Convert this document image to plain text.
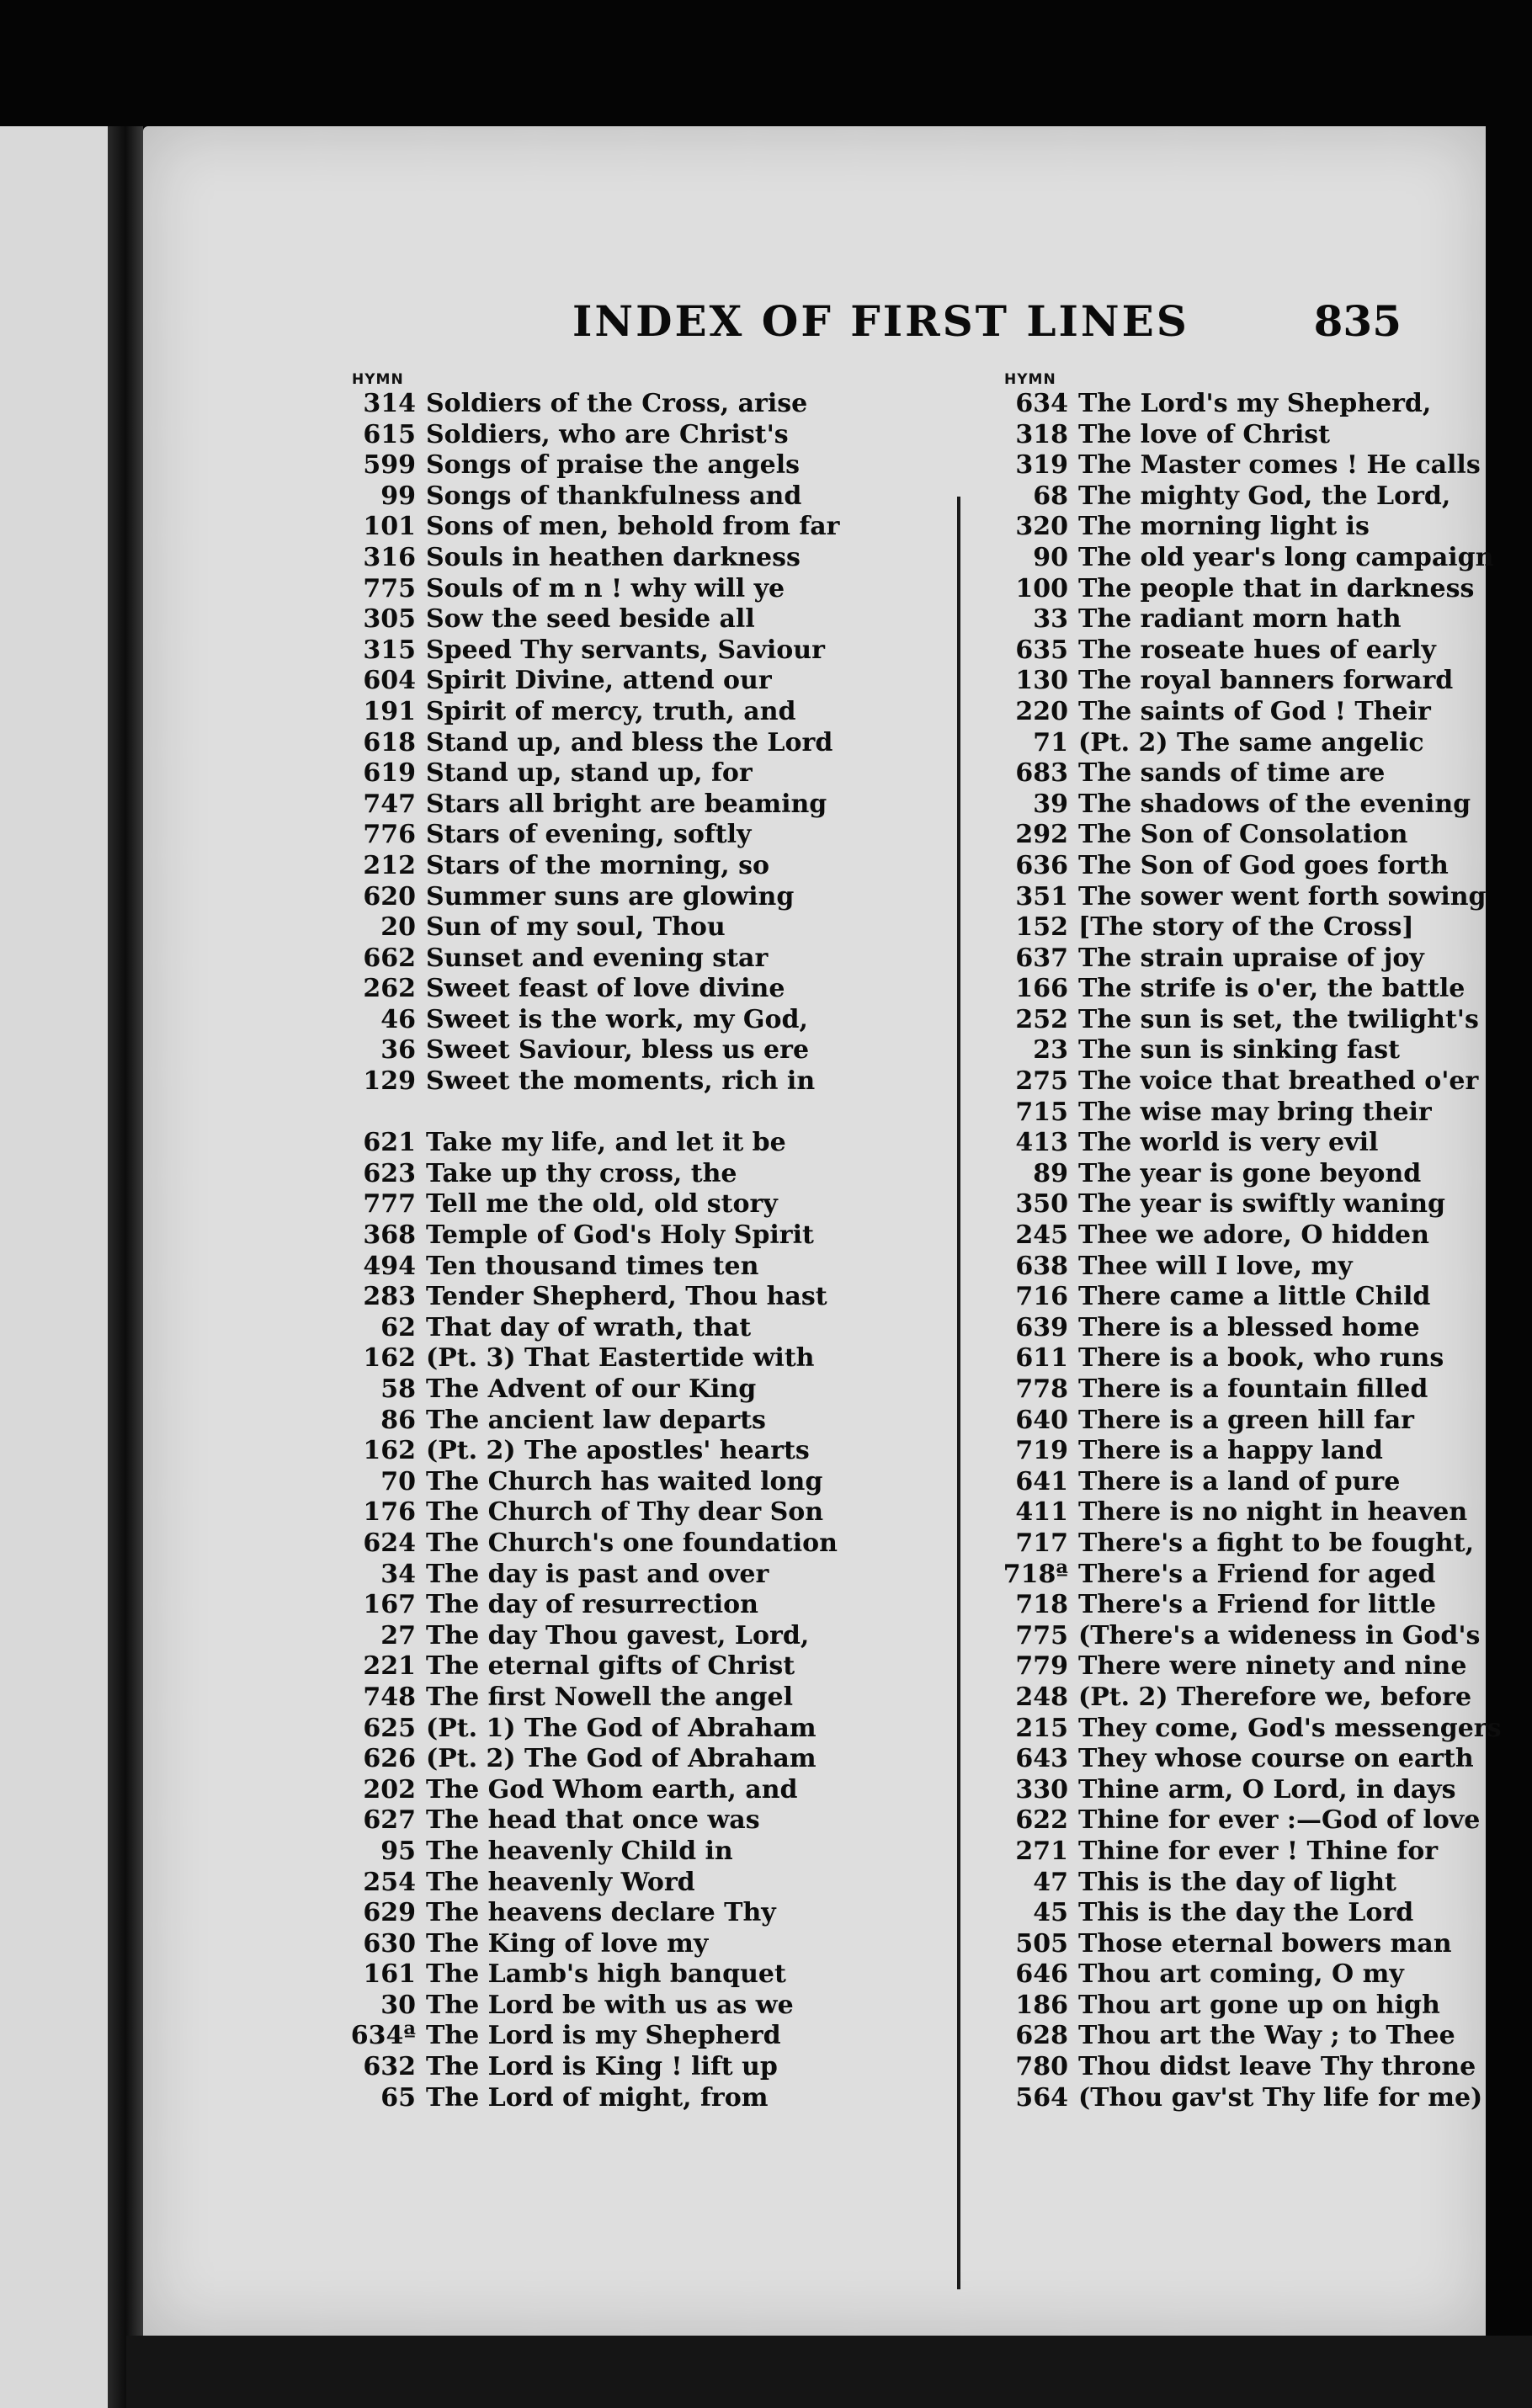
INDEX OF FIRST LINES	835
HYMN
314 Soldiers of the Cross, arise
615 Soldiers, who are Christ's
599 Songs of praise the angels
99 Songs of thankfulness and
101 Sons of men, behold from far
316 Souls in heathen darkness
775 Souls of m n ! why will ye
305 Sow the seed beside all
315 Speed Thy servants, Saviour
604 Spirit Divine, attend our
191 Spirit of mercy, truth, and
618 Stand up, and bless the Lord
619 Stand up, stand up, for
747 Stars all bright are beaming
776 Stars of evening, softly
212 Stars of the morning, so
620 Summer suns are glowing
20 Sun of my soul, Thou
662 Sunset and evening star
262 Sweet feast of love divine
46 Sweet is the work, my God,
36 Sweet Saviour, bless us ere
129 Sweet the moments, rich in
621 Take my life, and let it be
623 Take up thy cross, the
777 Tell me the old, old story
368 Temple of God's Holy Spirit
494 Ten thousand times ten
283 Tender Shepherd, Thou hast
62 That day of wrath, that
162 (Pt. 3) That Eastertide with
58 The Advent of our King
86 The ancient law departs
162 (Pt. 2) The apostles' hearts
70 The Church has waited long
176 The Church of Thy dear Son
624 The Church's one foundation
34 The day is past and over
167 The day of resurrection
27 The day Thou gavest, Lord,
221 The eternal gifts of Christ
748 The first Nowell the angel
625 (Pt. 1) The God of Abraham
626 (Pt. 2) The God of Abraham
202 The God Whom earth, and
627 The head that once was
95 The heavenly Child in
254 The heavenly Word
629 The heavens declare Thy
630 The King of love my
161 The Lamb's high banquet
30 The Lord be with us as we
634ª The Lord is my Shepherd
632 The Lord is King ! lift up
65 The Lord of might, from
HYMN
634 The Lord's my Shepherd,
318 The love of Christ
319 The Master comes ! He calls
68 The mighty God, the Lord,
320 The morning light is
90 The old year's long campaign
100 The people that in darkness
33 The radiant morn hath
635 The roseate hues of early
130 The royal banners forward
220 The saints of God ! Their
71 (Pt. 2) The same angelic
683 The sands of time are
39 The shadows of the evening
292 The Son of Consolation
636 The Son of God goes forth
351 The sower went forth sowing
152 [The story of the Cross]
637 The strain upraise of joy
166 The strife is o'er, the battle
252 The sun is set, the twilight's
23 The sun is sinking fast
275 The voice that breathed o'er
715 The wise may bring their
413 The world is very evil
89 The year is gone beyond
350 The year is swiftly waning
245 Thee we adore, O hidden
638 Thee will I love, my
716 There came a little Child
639 There is a blessed home
611 There is a book, who runs
778 There is a fountain filled
640 There is a green hill far
719 There is a happy land
641 There is a land of pure
411 There is no night in heaven
717 There's a fight to be fought,
718ª There's a Friend for aged
718 There's a Friend for little
775 (There's a wideness in God's
779 There were ninety and nine
248 (Pt. 2) Therefore we, before
215 They come, God's messengers
643 They whose course on earth
330 Thine arm, O Lord, in days
622 Thine for ever :—God of love
271 Thine for ever ! Thine for
47 This is the day of light
45 This is the day the Lord
505 Those eternal bowers man
646 Thou art coming, O my
186 Thou art gone up on high
628 Thou art the Way ; to Thee
780 Thou didst leave Thy throne
564 (Thou gav'st Thy life for me)
